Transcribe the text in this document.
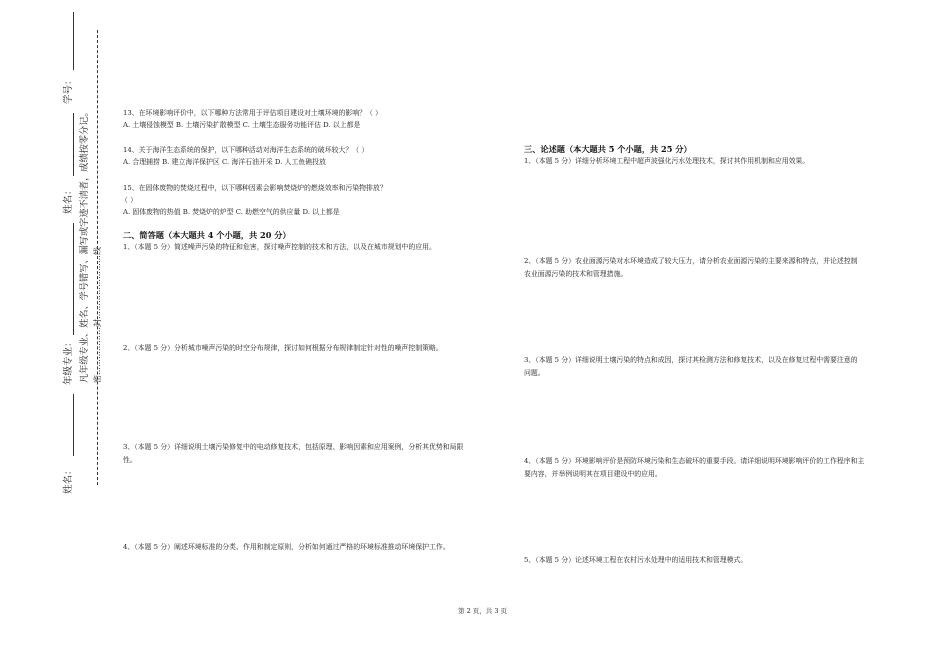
学号：
姓名：
年级专业：
姓名：
凡年级专业、姓名、学号错写、漏写或字迹不清者，成绩按零分记。 密………………封……………………线
13、在环境影响评价中，以下哪种方法常用于评估项目建设对土壤环境的影响？（ ）
A. 土壤侵蚀模型 B. 土壤污染扩散模型 C. 土壤生态服务功能评估 D. 以上都是
14、关于海洋生态系统的保护，以下哪种活动对海洋生态系统的破坏较大？（ ）
A. 合理捕捞 B. 建立海洋保护区 C. 海洋石油开采 D. 人工鱼礁投放
15、在固体废物的焚烧过程中，以下哪种因素会影响焚烧炉的燃烧效率和污染物排放？
（ ）
A. 固体废物的热值 B. 焚烧炉的炉型 C. 助燃空气的供应量 D. 以上都是
二、简答题（本大题共 4 个小题，共 20 分）
1、（本题 5 分）简述噪声污染的特征和危害，探讨噪声控制的技术和方法，以及在城市规划中的应用。
2、（本题 5 分）分析城市噪声污染的时空分布规律，探讨如何根据分布规律制定针对性的噪声控制策略。
3、（本题 5 分）详细说明土壤污染修复中的电动修复技术，包括原理、影响因素和应用案例，分析其优势和局限性。
4、（本题 5 分）阐述环境标准的分类、作用和制定原则，分析如何通过严格的环境标准推动环境保护工作。
三、论述题（本大题共 5 个小题，共 25 分）
1、（本题 5 分）详细分析环境工程中超声波强化污水处理技术，探讨其作用机制和应用效果。
2、（本题 5 分）农业面源污染对水环境造成了较大压力，请分析农业面源污染的主要来源和特点，并论述控制农业面源污染的技术和管理措施。
3、（本题 5 分）详细说明土壤污染的特点和成因，探讨其检测方法和修复技术，以及在修复过程中需要注意的问题。
4、（本题 5 分）环境影响评价是预防环境污染和生态破坏的重要手段。请详细说明环境影响评价的工作程序和主要内容，并举例说明其在项目建设中的应用。
5、（本题 5 分）论述环境工程在农村污水处理中的适用技术和管理模式。
第 2 页，共 3 页
